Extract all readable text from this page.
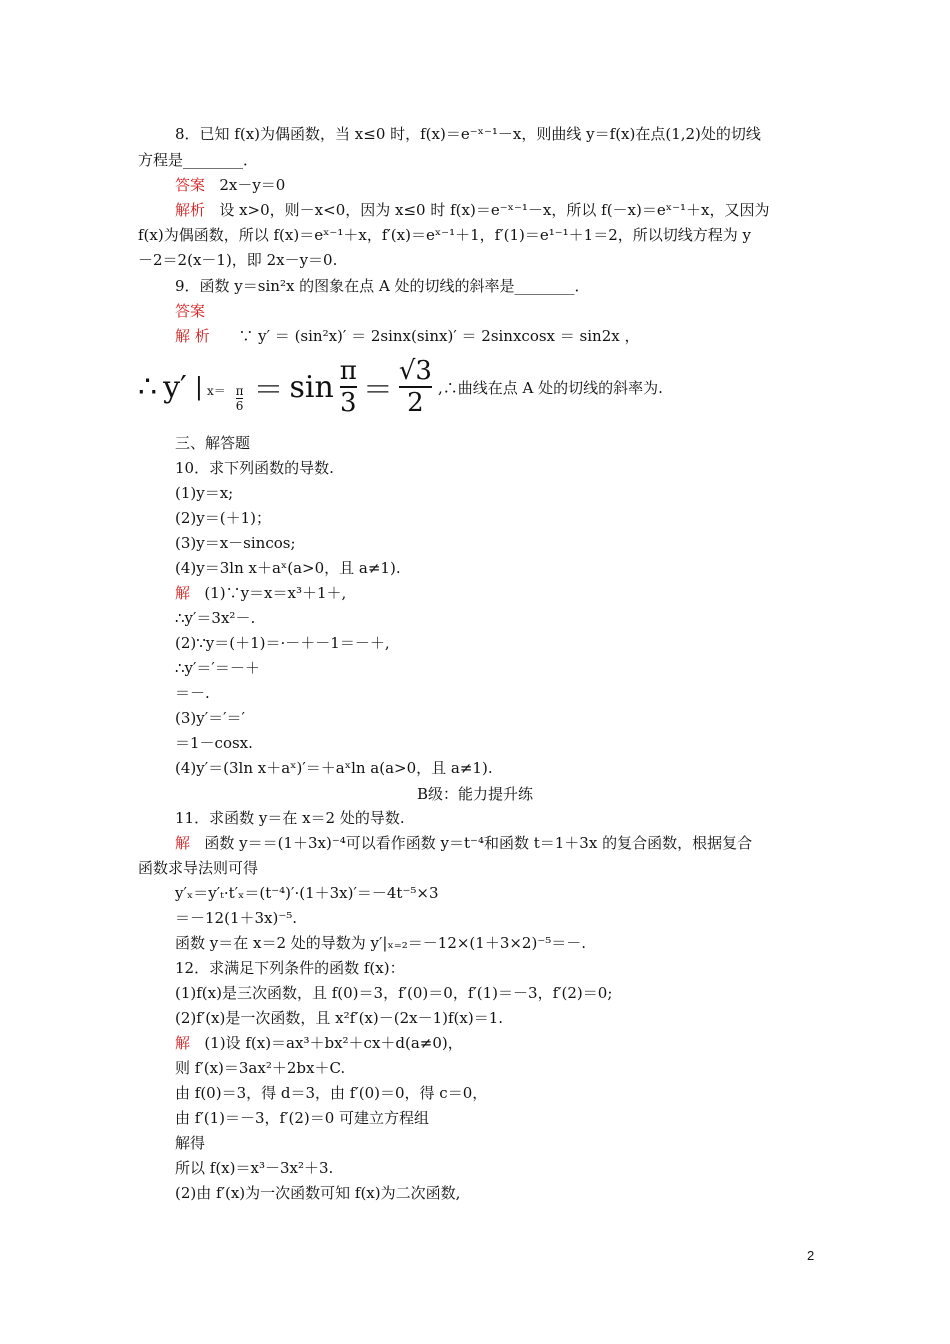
8．已知 f(x)为偶函数，当 x≤0 时，f(x)＝e⁻ˣ⁻¹－x，则曲线 y＝f(x)在点(1,2)处的切线
方程是________．
答案 2x－y＝0
解析 设 x>0，则－x<0，因为 x≤0 时 f(x)＝e⁻ˣ⁻¹－x，所以 f(－x)＝eˣ⁻¹＋x，又因为
f(x)为偶函数，所以 f(x)＝eˣ⁻¹＋x，f′(x)＝eˣ⁻¹＋1，f′(1)＝e¹⁻¹＋1＝2，所以切线方程为 y
－2＝2(x－1)，即 2x－y＝0.
9．函数 y＝sin²x 的图象在点 A 处的切线的斜率是________．
答案
解 析 ∵ y′ ＝ (sin²x)′ ＝ 2sinx(sinx)′ ＝ 2sinxcosx ＝ sin2x ，
∴ y′ | $x= \frac{\pi}{6} = \sin \frac{\pi}{3} = \frac{√3}{2}$ ,∴曲线在点 A 处的切线的斜率为.
三、解答题
10．求下列函数的导数.
(1)y＝x;
(2)y＝(＋1)；
(3)y＝x－sincos;
(4)y＝3ln x＋aˣ(a>0，且 a≠1).
解 (1)∵y＝x＝x³＋1＋,
∴y′＝3x²－.
(2)∵y＝(＋1)＝·－＋－1＝－＋,
∴y′＝′＝－＋
＝－.
(3)y′＝′＝′
＝1－cosx.
(4)y′＝(3ln x＋aˣ)′＝＋aˣln a(a>0，且 a≠1).
B级：能力提升练
11．求函数 y＝在 x＝2 处的导数.
解 函数 y＝＝(1＋3x)⁻⁴可以看作函数 y＝t⁻⁴和函数 t＝1＋3x 的复合函数，根据复合
函数求导法则可得
y′ₓ＝y′ₜ·t′ₓ＝(t⁻⁴)′·(1＋3x)′＝－4t⁻⁵×3
＝－12(1＋3x)⁻⁵.
函数 y＝在 x＝2 处的导数为 y′|ₓ₌₂＝－12×(1＋3×2)⁻⁵＝－.
12．求满足下列条件的函数 f(x)：
(1)f(x)是三次函数，且 f(0)＝3，f′(0)＝0，f′(1)＝－3，f′(2)＝0;
(2)f′(x)是一次函数，且 x²f′(x)－(2x－1)f(x)＝1.
解 (1)设 f(x)＝ax³＋bx²＋cx＋d(a≠0)，
则 f′(x)＝3ax²＋2bx＋C.
由 f(0)＝3，得 d＝3，由 f′(0)＝0，得 c＝0，
由 f′(1)＝－3，f′(2)＝0 可建立方程组
解得
所以 f(x)＝x³－3x²＋3.
(2)由 f′(x)为一次函数可知 f(x)为二次函数,
2
